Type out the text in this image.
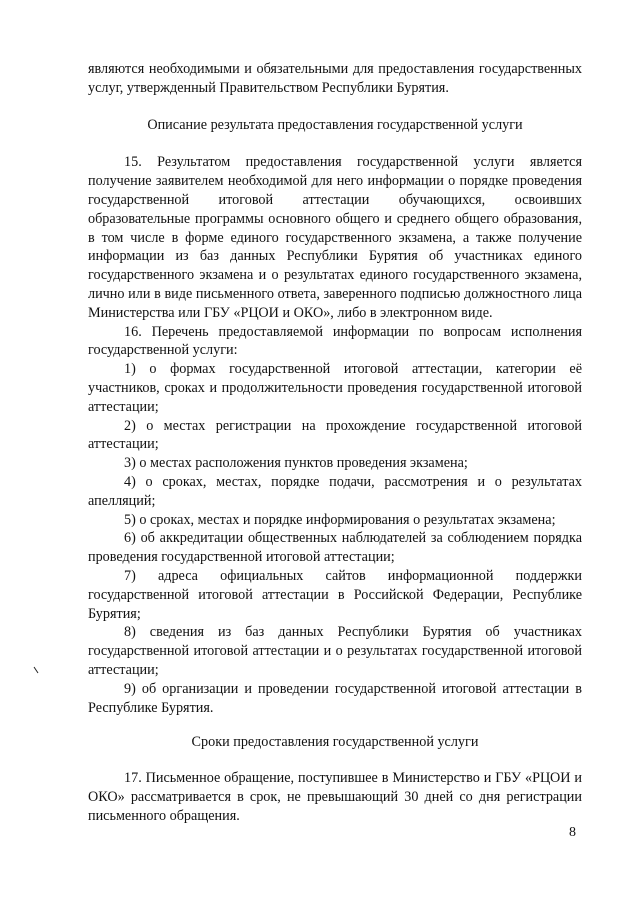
являются необходимыми и обязательными для предоставления государственных услуг, утвержденный Правительством Республики Бурятия.

Описание результата предоставления государственной услуги

15. Результатом предоставления государственной услуги является получение заявителем необходимой для него информации о порядке проведения государственной итоговой аттестации обучающихся, освоивших образовательные программы основного общего и среднего общего образования, в том числе в форме единого государственного экзамена, а также получение информации из баз данных Республики Бурятия об участниках единого государственного экзамена и о результатах единого государственного экзамена, лично или в виде письменного ответа, заверенного подписью должностного лица Министерства или ГБУ «РЦОИ и ОКО», либо в электронном виде.

16. Перечень предоставляемой информации по вопросам исполнения государственной услуги:

1) о формах государственной итоговой аттестации, категории её участников, сроках и продолжительности проведения государственной итоговой аттестации;

2) о местах регистрации на прохождение государственной итоговой аттестации;

3) о местах расположения пунктов проведения экзамена;

4) о сроках, местах, порядке подачи, рассмотрения и о результатах апелляций;

5) о сроках, местах и порядке информирования о результатах экзамена;

6) об аккредитации общественных наблюдателей за соблюдением порядка проведения государственной итоговой аттестации;

7) адреса официальных сайтов информационной поддержки государственной итоговой аттестации в Российской Федерации, Республике Бурятия;

8) сведения из баз данных Республики Бурятия об участниках государственной итоговой аттестации и о результатах государственной итоговой аттестации;

9) об организации и проведении государственной итоговой аттестации в Республике Бурятия.

Сроки предоставления государственной услуги

17. Письменное обращение, поступившее в Министерство и ГБУ «РЦОИ и ОКО» рассматривается в срок, не превышающий 30 дней со дня регистрации письменного обращения.

8
